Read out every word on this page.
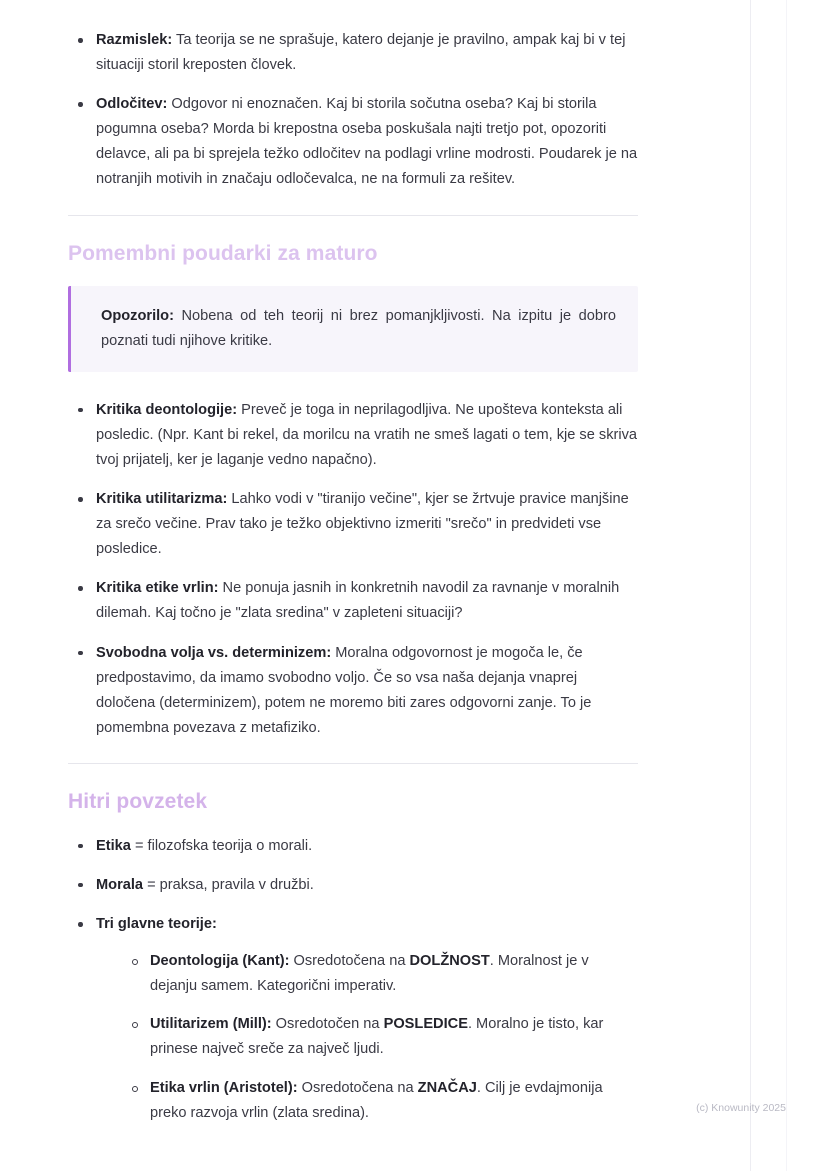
Razmislek: Ta teorija se ne sprašuje, katero dejanje je pravilno, ampak kaj bi v tej situaciji storil kreposten človek.
Odločitev: Odgovor ni enoznačen. Kaj bi storila sočutna oseba? Kaj bi storila pogumna oseba? Morda bi krepostna oseba poskušala najti tretjo pot, opozoriti delavce, ali pa bi sprejela težko odločitev na podlagi vrline modrosti. Poudarek je na notranjih motivih in značaju odločevalca, ne na formuli za rešitev.
Pomembni poudarki za maturo

Opozorilo: Nobena od teh teorij ni brez pomanjkljivosti. Na izpitu je dobro poznati tudi njihove kritike.

Kritika deontologije: Preveč je toga in neprilagodljiva. Ne upošteva konteksta ali posledic. (Npr. Kant bi rekel, da morilcu na vratih ne smeš lagati o tem, kje se skriva tvoj prijatelj, ker je laganje vedno napačno).
Kritika utilitarizma: Lahko vodi v "tiranijo večine", kjer se žrtvuje pravice manjšine za srečo večine. Prav tako je težko objektivno izmeriti "srečo" in predvideti vse posledice.
Kritika etike vrlin: Ne ponuja jasnih in konkretnih navodil za ravnanje v moralnih dilemah. Kaj točno je "zlata sredina" v zapleteni situaciji?
Svobodna volja vs. determinizem: Moralna odgovornost je mogoča le, če predpostavimo, da imamo svobodno voljo. Če so vsa naša dejanja vnaprej določena (determinizem), potem ne moremo biti zares odgovorni zanje. To je pomembna povezava z metafiziko.
Hitri povzetek
Etika = filozofska teorija o morali.
Morala = praksa, pravila v družbi.
Tri glavne teorije:
Deontologija (Kant): Osredotočena na DOLŽNOST. Moralnost je v dejanju samem. Kategorični imperativ.
Utilitarizem (Mill): Osredotočen na POSLEDICE. Moralno je tisto, kar prinese največ sreče za največ ljudi.
Etika vrlin (Aristotel): Osredotočena na ZNAČAJ. Cilj je evdajmonija preko razvoja vrlin (zlata sredina).	(c) Knowunity 2025
